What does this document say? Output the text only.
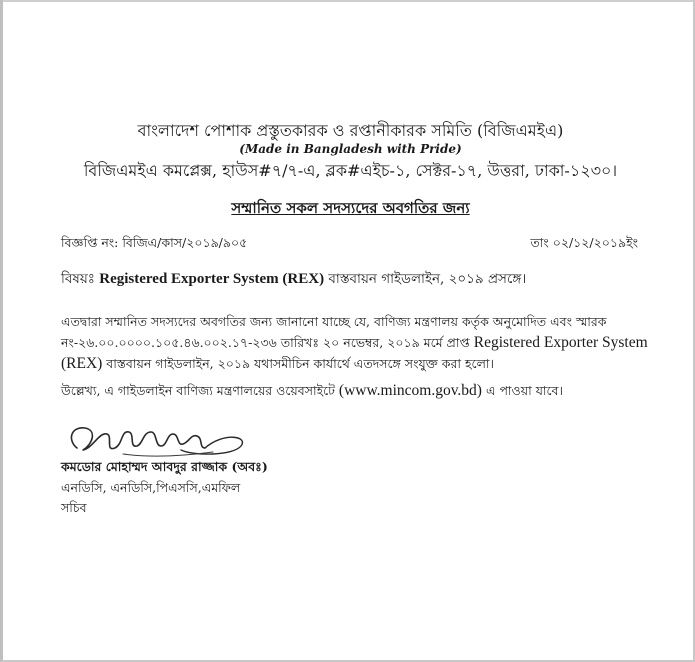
বাংলাদেশ পোশাক প্রস্তুতকারক ও রপ্তানীকারক সমিতি (বিজিএমইএ)
(Made in Bangladesh with Pride)
বিজিএমইএ কমপ্লেক্স, হাউস#৭/৭-এ, ব্লক#এইচ-১, সেক্টর-১৭, উত্তরা, ঢাকা-১২৩০।
সম্মানিত সকল সদস্যদের অবগতির জন্য
বিজ্ঞপ্তি নং: বিজিএ/কাস/২০১৯/৯০৫	তাং ০২/১২/২০১৯ইং
বিষয়ঃ Registered Exporter System (REX) বাস্তবায়ন গাইডলাইন, ২০১৯ প্রসঙ্গে।
এতদ্বারা সম্মানিত সদস্যদের অবগতির জন্য জানানো যাচ্ছে যে, বাণিজ্য মন্ত্রণালয় কর্তৃক অনুমোদিত এবং স্মারক নং-২৬.০০.০০০০.১০৫.৪৬.০০২.১৭-২৩৬ তারিখঃ ২০ নভেম্বর, ২০১৯ মর্মে প্রাপ্ত Registered Exporter System (REX) বাস্তবায়ন গাইডলাইন, ২০১৯ যথাসমীচিন কার্যার্থে এতদসঙ্গে সংযুক্ত করা হলো।
উল্লেখ্য, এ গাইডলাইন বাণিজ্য মন্ত্রণালয়ের ওয়েবসাইটে (www.mincom.gov.bd) এ পাওয়া যাবে।
কমডোর মোহাম্মদ আবদুর রাজ্জাক (অবঃ)
এনডিসি, এনডিসি,পিএসসি,এমফিল
সচিব
